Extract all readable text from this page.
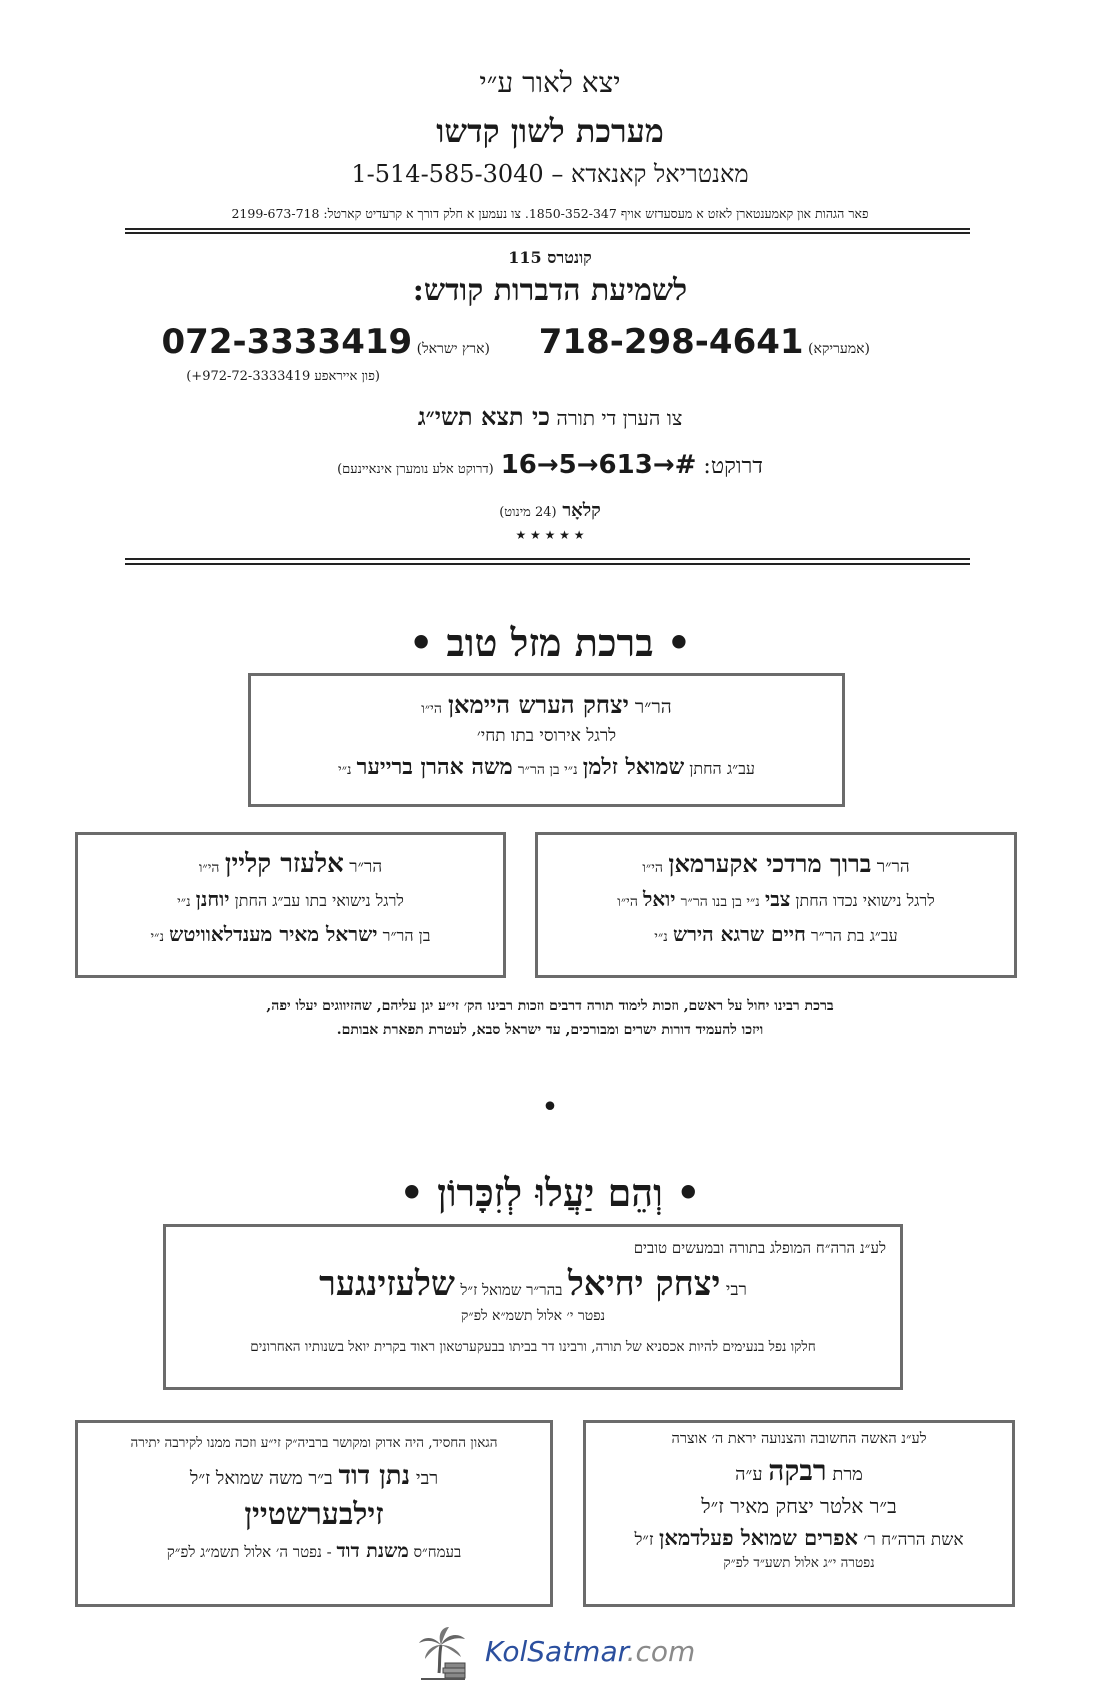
יצא לאור ע״י
מערכת לשון קדשו
מאנטריאל קאנאדא – 1-514-585-3040
פאר הגהות און קאמענטארן לאזט א מעסעדזש אויף 1850-352-347. צו נעמען א חלק דורך א קרעדיט קארטל: 2199-673-718
קונטרס 115
לשמיעת הדברות קודש:
(אמעריקא) 718-298-4641
(ארץ ישראל) 072-3333419
(פון אייראפע 972-72-3333419+)
צו הערן די תורה כי תצא תשי״ג
דרוקט: 16→5→613→# (דרוקט אלע נומערן אינאיינעם)
קלאָר (24 מינוט)
★ ★ ★ ★ ★
• ברכת מזל טוב •
הר״ר יצחק הערש היימאן הי״ו
לרגל אירוסי בתו תחי׳
עב״ג החתן שמואל זלמן נ״י בן הר״ר משה אהרן ברייער נ״י
הר״ר ברוך מרדכי אקערמאן הי״ו
לרגל נישואי נכדו החתן צבי נ״י בן בנו הר״ר יואל הי״ו
עב״ג בת הר״ר חיים שרגא הירש נ״י
הר״ר אלעזר קליין הי״ו
לרגל נישואי בתו עב״ג החתן יוחנן נ״י
בן הר״ר ישראל מאיר מענדלאוויטש נ״י
ברכת רבינו יחול על ראשם, וזכות לימוד תורה דרבים וזכות רבינו הק׳ זי״ע יגן עליהם, שהזיווגים יעלו יפה,
ויזכו להעמיד דורות ישרים ומבורכים, עד ישראל סבא, לעטרת תפארת אבותם.
•
• וְהֵם יַעֲלוּ לְזִכָּרוֹן •
לע״נ הרה״ח המופלג בתורה ובמעשים טובים
רבי יצחק יחיאל בהר״ר שמואל ז״ל שלעזינגער
נפטר י׳ אלול תשמ״א לפ״ק
חלקו נפל בנעימים להיות אכסניא של תורה, ורבינו דר בביתו בבעקערטאון ראוד בקרית יואל בשנותיו האחרונים
לע״נ האשה החשובה והצנועה יראת ה׳ אוצרה
מרת רבקה ע״ה
ב״ר אלטר יצחק מאיר ז״ל
אשת הרה״ח ר׳ אפרים שמואל פעלדמאן ז״ל
נפטרה י״ג אלול תשע״ד לפ״ק
הגאון החסיד, היה אדוק ומקושר ברביה״ק זי״ע וזכה ממנו לקירבה יתירה
רבי נתן דוד ב״ר משה שמואל ז״ל
זילבערשטיין
בעמח״ס משנת דוד - נפטר ה׳ אלול תשמ״ג לפ״ק
KolSatmar.com
